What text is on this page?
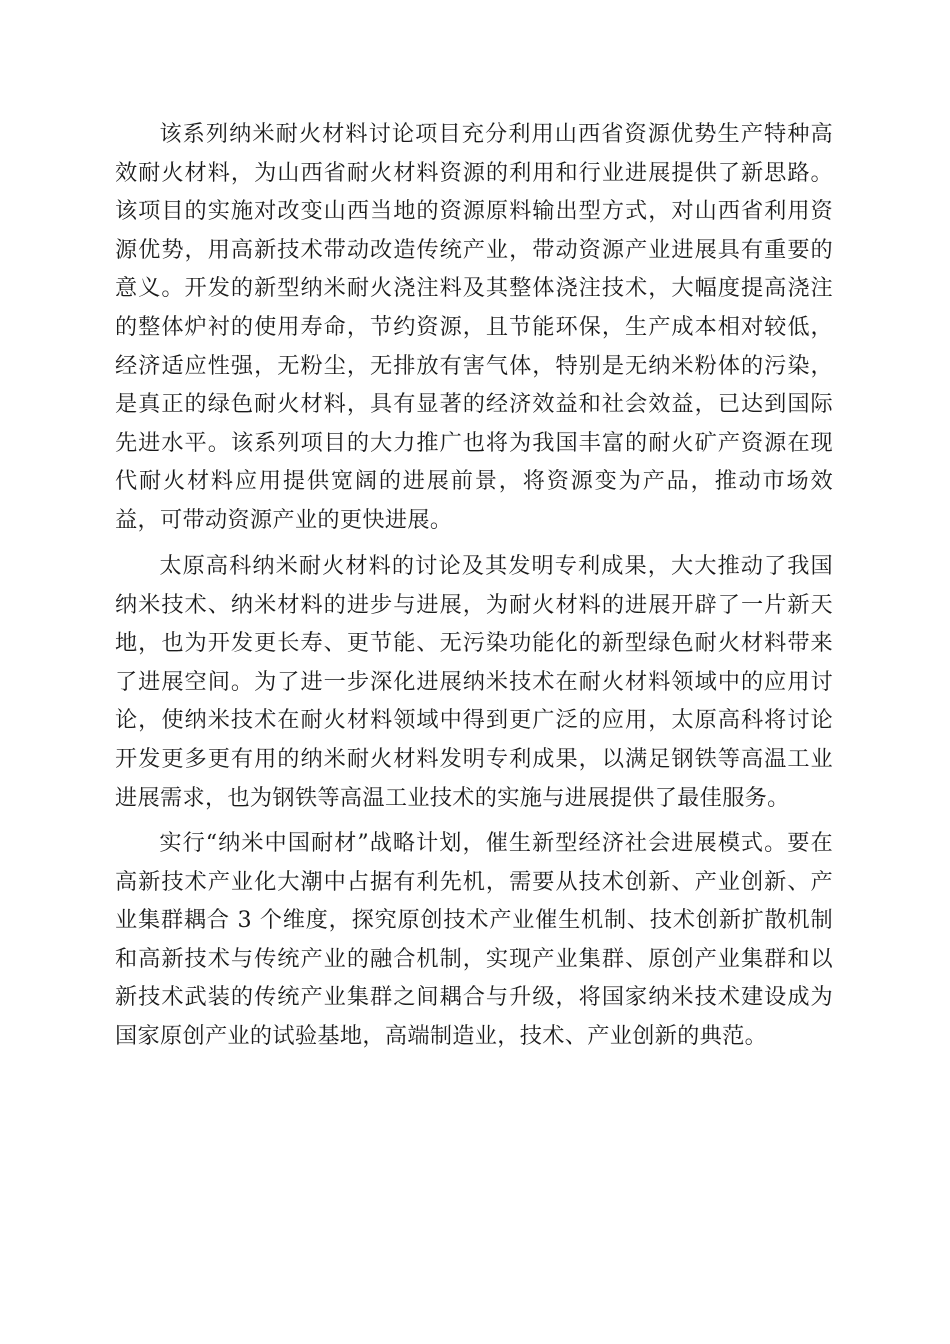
该系列纳米耐火材料讨论项目充分利用山西省资源优势生产特种高效耐火材料，为山西省耐火材料资源的利用和行业进展提供了新思路。该项目的实施对改变山西当地的资源原料输出型方式，对山西省利用资源优势，用高新技术带动改造传统产业，带动资源产业进展具有重要的意义。开发的新型纳米耐火浇注料及其整体浇注技术，大幅度提高浇注的整体炉衬的使用寿命，节约资源，且节能环保，生产成本相对较低，经济适应性强，无粉尘，无排放有害气体，特别是无纳米粉体的污染，是真正的绿色耐火材料，具有显著的经济效益和社会效益，已达到国际先进水平。该系列项目的大力推广也将为我国丰富的耐火矿产资源在现代耐火材料应用提供宽阔的进展前景，将资源变为产品，推动市场效益，可带动资源产业的更快进展。

太原高科纳米耐火材料的讨论及其发明专利成果，大大推动了我国纳米技术、纳米材料的进步与进展，为耐火材料的进展开辟了一片新天地，也为开发更长寿、更节能、无污染功能化的新型绿色耐火材料带来了进展空间。为了进一步深化进展纳米技术在耐火材料领域中的应用讨论，使纳米技术在耐火材料领域中得到更广泛的应用，太原高科将讨论开发更多更有用的纳米耐火材料发明专利成果，以满足钢铁等高温工业进展需求，也为钢铁等高温工业技术的实施与进展提供了最佳服务。

实行“纳米中国耐材”战略计划，催生新型经济社会进展模式。要在高新技术产业化大潮中占据有利先机，需要从技术创新、产业创新、产业集群耦合 3 个维度，探究原创技术产业催生机制、技术创新扩散机制和高新技术与传统产业的融合机制，实现产业集群、原创产业集群和以新技术武装的传统产业集群之间耦合与升级，将国家纳米技术建设成为国家原创产业的试验基地，高端制造业，技术、产业创新的典范。
